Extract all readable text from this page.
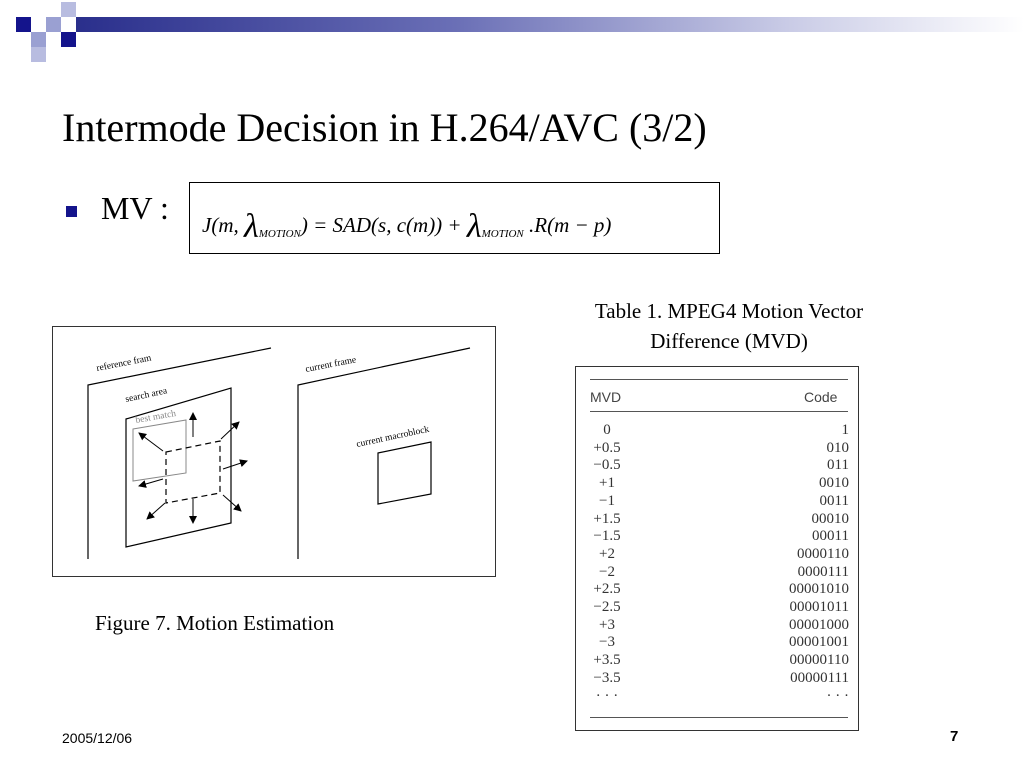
Intermode Decision in H.264/AVC (3/2)
MV : J(m, $\lambda_{MOTION}) = SAD(s$, $c(m)) + \lambda_{MOTION}$ .R(m − p)
reference fram
search area
best match
current frame
current macroblock
Figure 7. Motion Estimation
Table 1. MPEG4 Motion Vector Difference (MVD)
MVD	Code
0	1
+0.5	010
−0.5	011
+1	0010
−1	0011
+1.5	00010
−1.5	00011
+2	0000110
−2	0000111
+2.5	00001010
−2.5	00001011
+3	00001000
−3	00001001
+3.5	00000110
−3.5	00000111
· · ·	· · ·
2005/12/06	7
